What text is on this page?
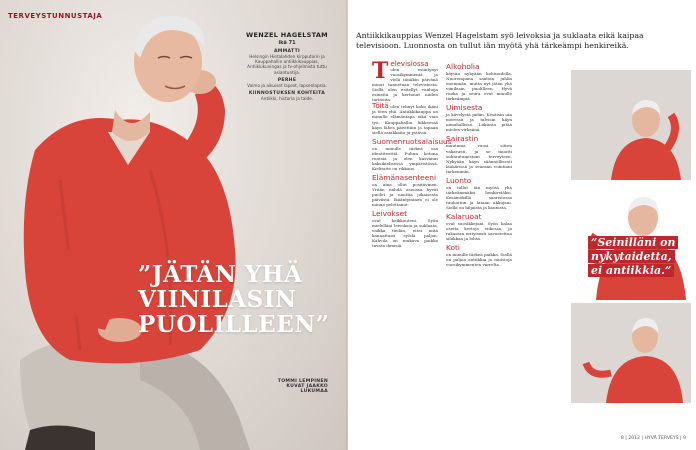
TERVEYSTUNNUSTAJA
WENZEL HAGELSTAM
ikä 71
AMMATTI
Helsingin Hietalahden kirpputorin ja Kauppahallin antiikkikauppias, Antiikkikuningas ja tv-ohjelmista tuttu asiantuntija.
PERHE
Vaimo ja aikuiset lapset, lapsenlapsia.
KIINNOSTUKSEN KOHTEITA
Antiikki, historia ja taide.
”JÄTÄN YHÄ
VIINILASIN
PUOLILLEEN”
TOMMI LEMPINEN
KUVAT JAAKKO LUKUMAA
Antiikkikauppias Wenzel Hagelstam syö leivoksia ja suklaata eikä kaipaa televisioon. Luonnosta on tullut iän myötä yhä tärkeämpi henkireikä.
T elevisiossa olen esiintynyt vuosikymmeniä ja vielä tänäkin päivänä minut tunnetaan televisiosta. Siellä olen esitellyt vanhoja esineitä ja kertonut niiden tarinoita.
Töitä olen tehnyt koko ikäni ja teen yhä. Antiikkikauppa on minulle elämäntapa eikä vain työ. Kauppahallin liikkeessä käyn lähes päivittäin ja tapaan siellä asiakkaita ja ystäviä.
Suomenruotsalaisuus
on minulle tärkeä osa identiteettiä. Puhun kotona ruotsia ja olen kasvanut kaksikielisessä ympäristössä. Kielitaito on rikkaus.
Elämänasenteeni
on aina ollut positiivinen. Yritän nähdä asioissa hyvät puolet ja nauttia jokaisesta päivästä. Ikääntyminen ei ole minua pelottanut.
Leivokset
ovat heikkouteni. Syön mielelläni leivoksia ja suklaata, vaikka tiedän, ettei niitä kannattaisi syödä paljon. Kahvila on mukava paikka tavata ihmisiä.
Alkoholia
käytän nykyään kohtuudella. Nuorempana saatoin juhlia enemmän, mutta nyt jätän yhä viinilasin puolilleen. Hyvä ruoka ja seura ovat minulle tärkeämpiä.
Uimisesta
ja kävelystä pidän. Kesäisin uin meressä ja talvisin käyn uimahallissa. Liikunta pitää mielen virkeänä.
Sairastin
muutama vuosi sitten vakavasti, ja se muutti suhtautumistani terveyteen. Nykyään käyn säännöllisesti lääkärissä ja seuraan vointiani tarkemmin.
Luonto
on tullut iän myötä yhä tärkeämmäksi henkireiäksi. Kesämökillä saaristossa rauhoitun ja lataan akkujani. Siellä on hiljaista ja kaunista.
Kalaruoat
ovat suosikkejani. Syön kalaa useita kertoja viikossa, ja rakastan erityisesti savustettua silakkaa ja lohta.
Koti
on minulle tärkeä paikka. Siellä on paljon antiikkia ja muistoja vuosikymmenten varrelta.
”Seinilläni on
nykytaidetta,
ei antiikkia.”
8 | 2012 | HYVÄ TERVEYS | 9
